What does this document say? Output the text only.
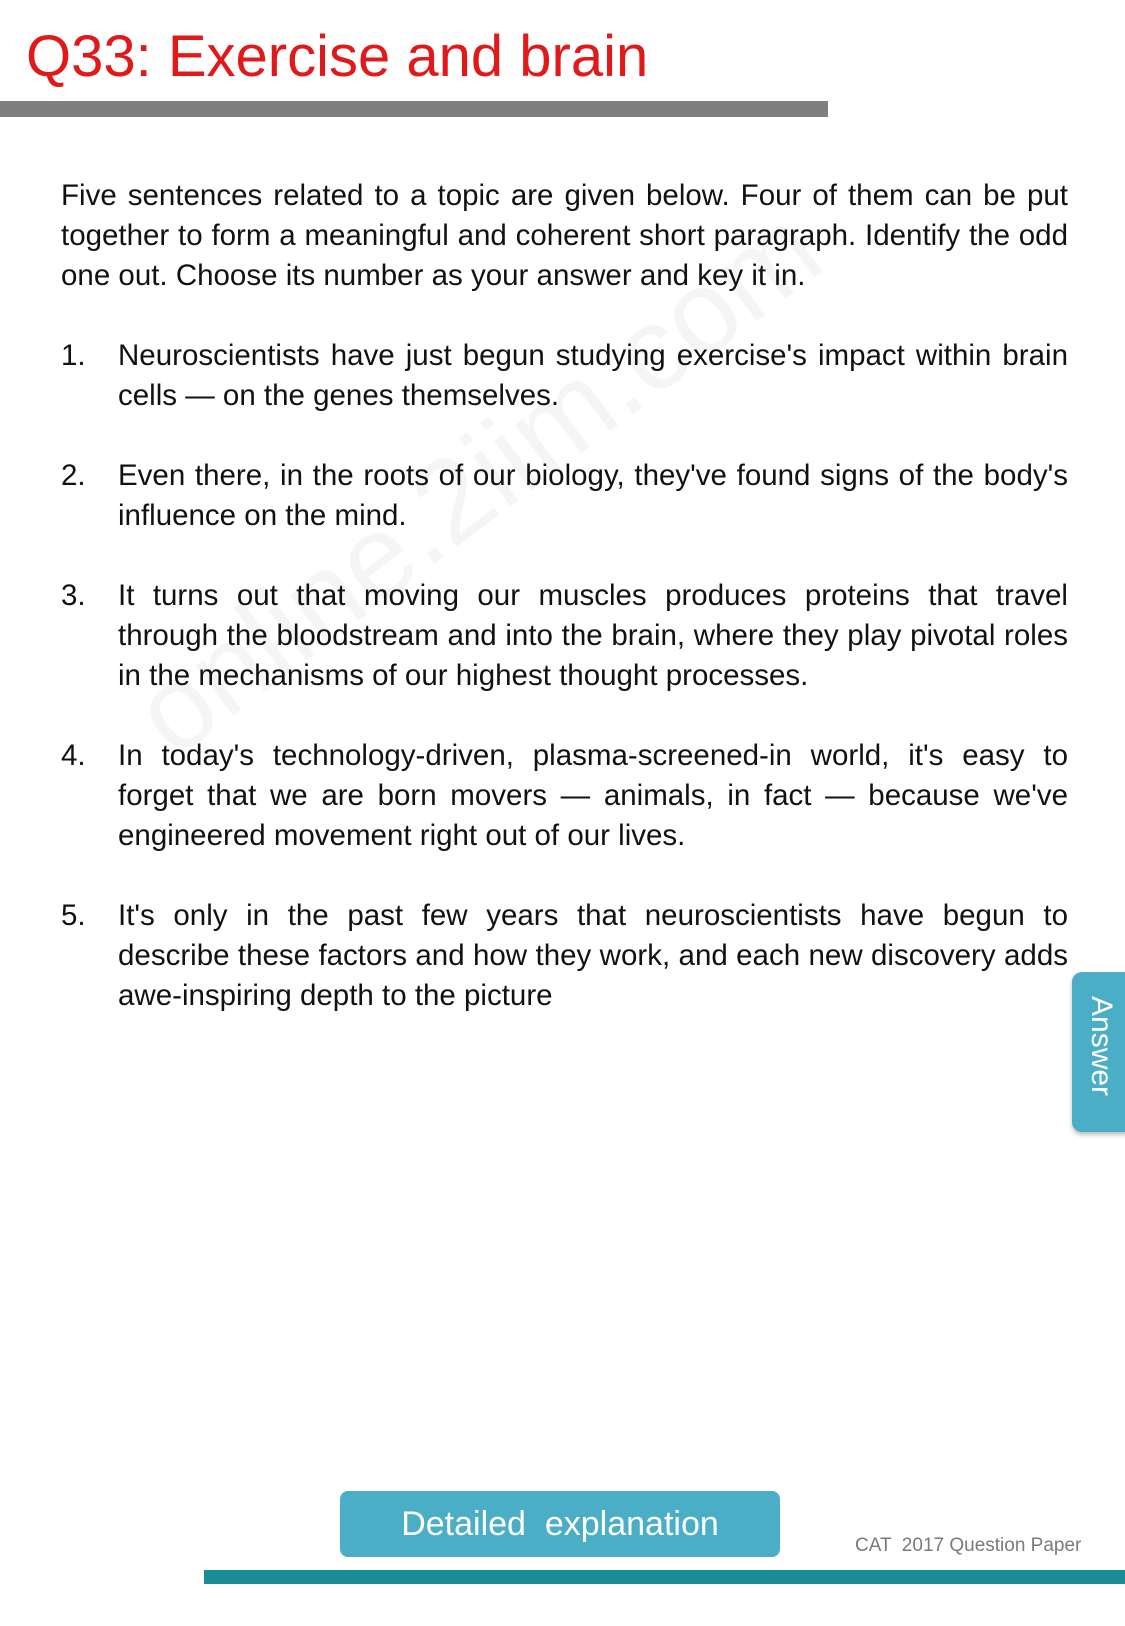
Q33: Exercise and brain

Five sentences related to a topic are given below. Four of them can be put together to form a meaningful and coherent short paragraph. Identify the odd one out. Choose its number as your answer and key it in.

1. Neuroscientists have just begun studying exercise's impact within brain cells — on the genes themselves.
2. Even there, in the roots of our biology, they've found signs of the body's influence on the mind.
3. It turns out that moving our muscles produces proteins that travel through the bloodstream and into the brain, where they play pivotal roles in the mechanisms of our highest thought processes.
4. In today's technology-driven, plasma-screened-in world, it's easy to forget that we are born movers — animals, in fact — because we've engineered movement right out of our lives.
5. It's only in the past few years that neuroscientists have begun to describe these factors and how they work, and each new discovery adds awe-inspiring depth to the picture
Answer
Detailed  explanation
CAT  2017 Question Paper
